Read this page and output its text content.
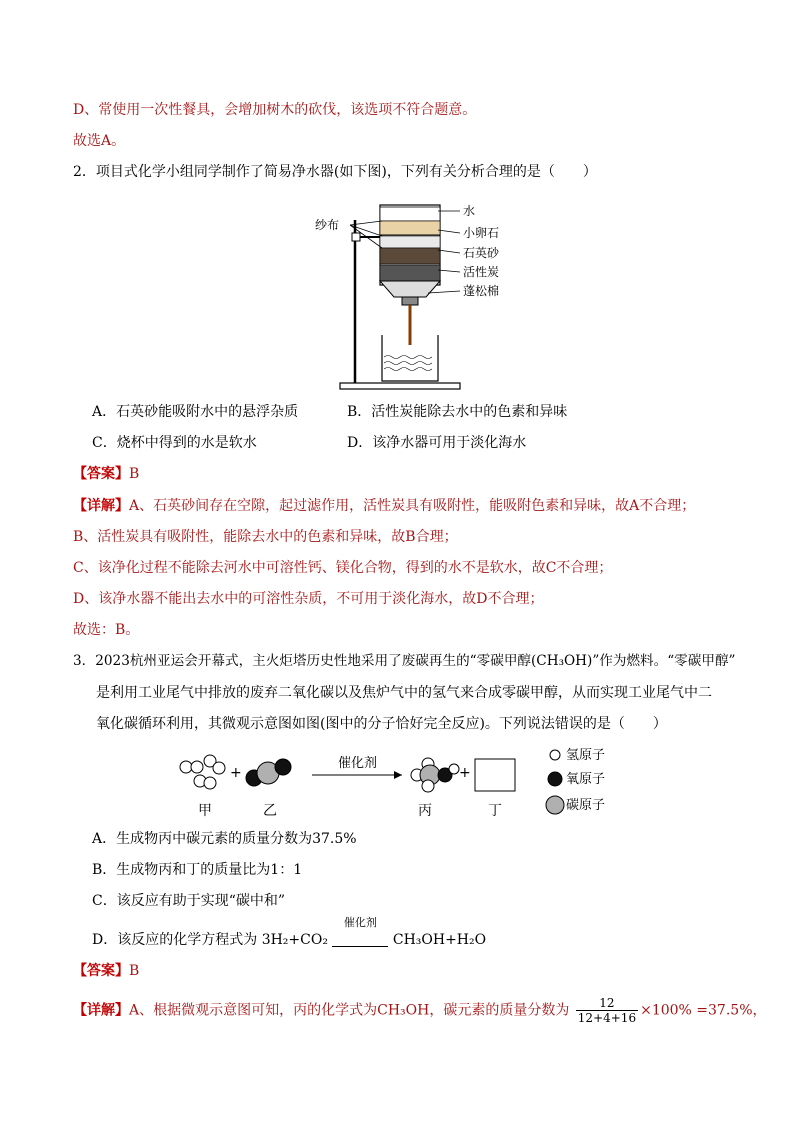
D、常使用一次性餐具，会增加树木的砍伐，该选项不符合题意。
故选A。
2．项目式化学小组同学制作了简易净水器(如下图)，下列有关分析合理的是（　　）
纱布
水
小卵石
石英砂
活性炭
蓬松棉
A．石英砂能吸附水中的悬浮杂质	B．活性炭能除去水中的色素和异味
C．烧杯中得到的水是软水	D．该净水器可用于淡化海水
【答案】B
【详解】A、石英砂间存在空隙，起过滤作用，活性炭具有吸附性，能吸附色素和异味，故A不合理；
B、活性炭具有吸附性，能除去水中的色素和异味，故B合理；
C、该净化过程不能除去河水中可溶性钙、镁化合物，得到的水不是软水，故C不合理；
D、该净水器不能出去水中的可溶性杂质，不可用于淡化海水，故D不合理；
故选：B。
3．2023杭州亚运会开幕式，主火炬塔历史性地采用了废碳再生的“零碳甲醇(CH₃OH)”作为燃料。“零碳甲醇”
是利用工业尾气中排放的废弃二氧化碳以及焦炉气中的氢气来合成零碳甲醇，从而实现工业尾气中二
氧化碳循环利用，其微观示意图如图(图中的分子恰好完全反应)。下列说法错误的是（　　）
+
催化剂
+
甲	乙	丙	丁
氢原子
氧原子
碳原子
A．生成物丙中碳元素的质量分数为37.5%
B．生成物丙和丁的质量比为1：1
C．该反应有助于实现“碳中和”
D．该反应的化学方程式为 3H₂+CO₂
催化剂
CH₃OH+H₂O
【答案】B
【详解】A、根据微观示意图可知，丙的化学式为CH₃OH，碳元素的质量分数为 $\frac{12}{12+4+16} \times 100\% =37.5\%$，
